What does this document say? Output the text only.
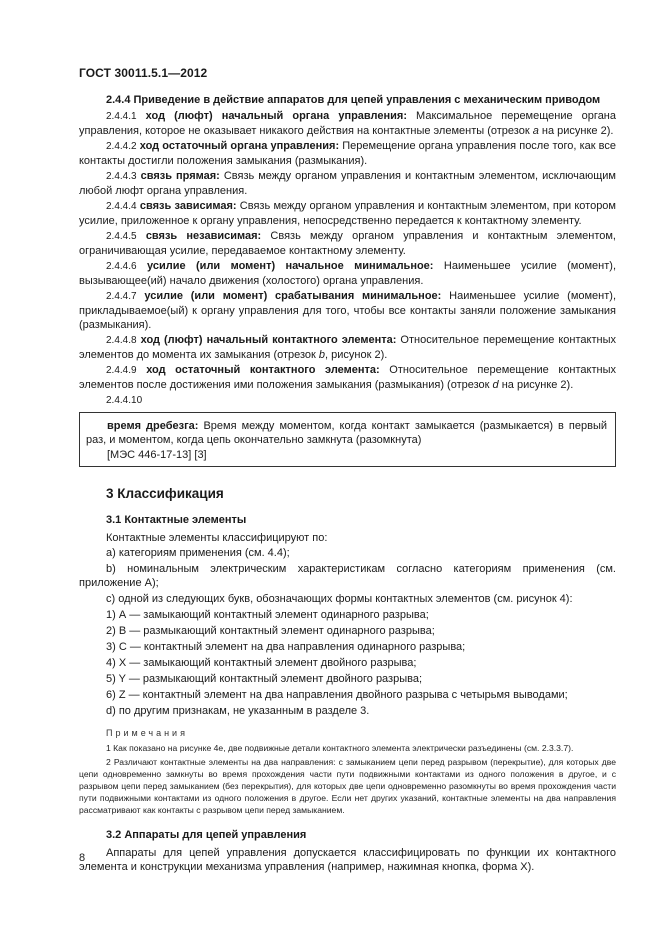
ГОСТ 30011.5.1—2012
2.4.4 Приведение в действие аппаратов для цепей управления с механическим приводом

2.4.4.1 ход (люфт) начальный органа управления: Максимальное перемещение органа управления, которое не оказывает никакого действия на контактные элементы (отрезок a на рисунке 2).

2.4.4.2 ход остаточный органа управления: Перемещение органа управления после того, как все контакты достигли положения замыкания (размыкания).

2.4.4.3 связь прямая: Связь между органом управления и контактным элементом, исключающим любой люфт органа управления.

2.4.4.4 связь зависимая: Связь между органом управления и контактным элементом, при котором усилие, приложенное к органу управления, непосредственно передается к контактному элементу.

2.4.4.5 связь независимая: Связь между органом управления и контактным элементом, ограничивающая усилие, передаваемое контактному элементу.

2.4.4.6 усилие (или момент) начальное минимальное: Наименьшее усилие (момент), вызывающее(ий) начало движения (холостого) органа управления.

2.4.4.7 усилие (или момент) срабатывания минимальное: Наименьшее усилие (момент), прикладываемое(ый) к органу управления для того, чтобы все контакты заняли положение замыкания (размыкания).

2.4.4.8 ход (люфт) начальный контактного элемента: Относительное перемещение контактных элементов до момента их замыкания (отрезок b, рисунок 2).

2.4.4.9 ход остаточный контактного элемента: Относительное перемещение контактных элементов после достижения ими положения замыкания (размыкания) (отрезок d на рисунке 2).

2.4.4.10

время дребезга: Время между моментом, когда контакт замыкается (размыкается) в первый раз, и моментом, когда цепь окончательно замкнута (разомкнута)

[МЭС 446-17-13] [3]
3 Классификация
3.1 Контактные элементы

Контактные элементы классифицируют по:

а) категориям применения (см. 4.4);
b) номинальным электрическим характеристикам согласно категориям применения (см. приложение А);
с) одной из следующих букв, обозначающих формы контактных элементов (см. рисунок 4):
1) А — замыкающий контактный элемент одинарного разрыва;
2) В — размыкающий контактный элемент одинарного разрыва;
3) С — контактный элемент на два направления одинарного разрыва;
4) Х — замыкающий контактный элемент двойного разрыва;
5) Y — размыкающий контактный элемент двойного разрыва;
6) Z — контактный элемент на два направления двойного разрыва с четырьмя выводами;
d) по другим признакам, не указанным в разделе 3.
Примечания

1 Как показано на рисунке 4е, две подвижные детали контактного элемента электрически разъединены (см. 2.3.3.7).

2 Различают контактные элементы на два направления: с замыканием цепи перед разрывом (перекрытие), для которых две цепи одновременно замкнуты во время прохождения части пути подвижными контактами из одного положения в другое, и с разрывом цепи перед замыканием (без перекрытия), для которых две цепи одновременно разомкнуты во время прохождения части пути подвижными контактами из одного положения в другое. Если нет других указаний, контактные элементы на два направления рассматривают как контакты с разрывом цепи перед замыканием.

3.2 Аппараты для цепей управления

Аппараты для цепей управления допускается классифицировать по функции их контактного элемента и конструкции механизма управления (например, нажимная кнопка, форма Х).

8
